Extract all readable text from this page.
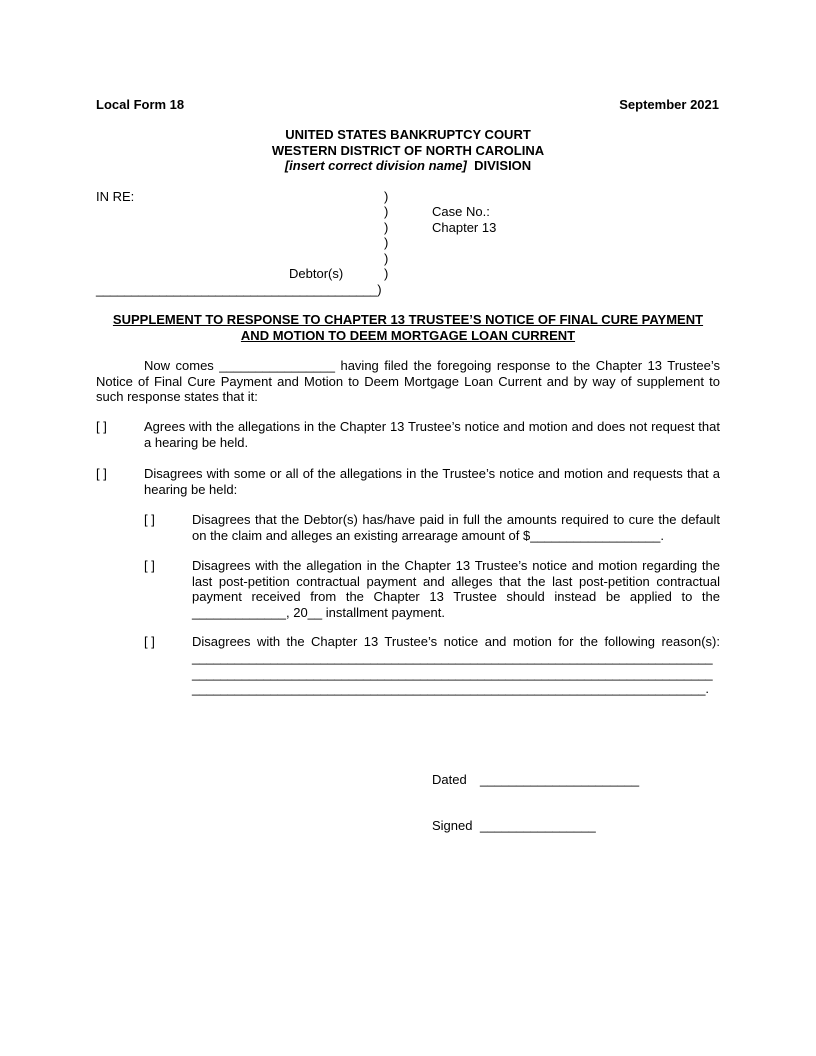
Local Form 18	September 2021
UNITED STATES BANKRUPTCY COURT
WESTERN DISTRICT OF NORTH CAROLINA
[insert correct division name] DIVISION
IN RE:	)
)
)
)
)
)
Debtor(s)
________________________________________)
Case No.:
Chapter 13
SUPPLEMENT TO RESPONSE TO CHAPTER 13 TRUSTEE’S NOTICE OF FINAL CURE PAYMENT
AND MOTION TO DEEM MORTGAGE LOAN CURRENT
Now comes ________________ having filed the foregoing response to the Chapter 13 Trustee’s Notice of Final Cure Payment and Motion to Deem Mortgage Loan Current and by way of supplement to such response states that it:
[ ]	Agrees with the allegations in the Chapter 13 Trustee’s notice and motion and does not request that a hearing be held.
[ ]	Disagrees with some or all of the allegations in the Trustee’s notice and motion and requests that a hearing be held:
[ ]	Disagrees that the Debtor(s) has/have paid in full the amounts required to cure the default on the claim and alleges an existing arrearage amount of $__________________.
[ ]	Disagrees with the allegation in the Chapter 13 Trustee’s notice and motion regarding the last post-petition contractual payment and alleges that the last post-petition contractual payment received from the Chapter 13 Trustee should instead be applied to the _____________, 20__ installment payment.
[ ]	Disagrees with the Chapter 13 Trustee’s notice and motion for the following reason(s):
_________________________________________________________________________
_________________________________________________________________________
________________________________________________________________________.
Dated ______________________
Signed ________________
